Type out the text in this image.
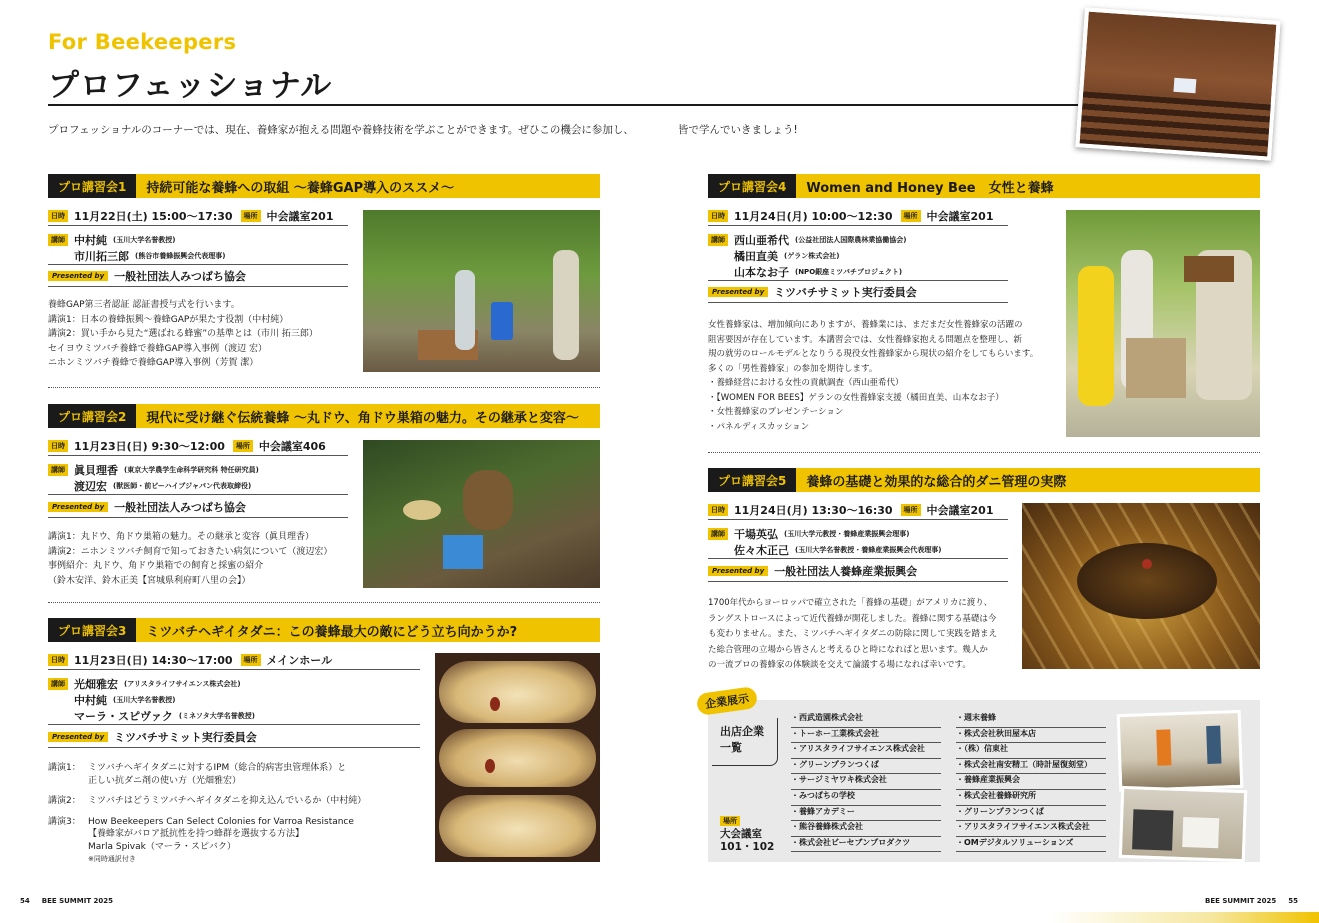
For Beekeepers
プロフェッショナル
プロフェッショナルのコーナーでは、現在、養蜂家が抱える問題や養蜂技術を学ぶことができます。ぜひこの機会に参加し、	皆で学んでいきましょう!
プロ講習会1	持続可能な養蜂への取組 ～養蜂GAP導入のススメ～
日時 11月22日(土) 15:00～17:30	場所 中会議室201
講師 中村純 (玉川大学名誉教授)
市川拓三郎 (熊谷市養蜂振興会代表理事)
Presented by 一般社団法人みつばち協会
養蜂GAP第三者認証 認証書授与式を行います。
講演1：日本の養蜂振興～養蜂GAPが果たす役割（中村純）
講演2：買い手から見た“選ばれる蜂蜜”の基準とは（市川 拓三郎）
セイヨウミツバチ養蜂で養蜂GAP導入事例（渡辺 宏）
ニホンミツバチ養蜂で養蜂GAP導入事例（芳賀 潔）
プロ講習会2	現代に受け継ぐ伝統養蜂 ～丸ドウ、角ドウ巣箱の魅力。その継承と変容～
日時 11月23日(日) 9:30～12:00	場所 中会議室406
講師 眞貝理香 (東京大学農学生命科学研究科 特任研究員)
渡辺宏 (獣医師・前ビーハイブジャパン代表取締役)
Presented by 一般社団法人みつばち協会
講演1：丸ドウ、角ドウ巣箱の魅力。その継承と変容（眞貝理香）
講演2：ニホンミツバチ飼育で知っておきたい病気について（渡辺宏）
事例紹介：丸ドウ、角ドウ巣箱での飼育と採蜜の紹介
（鈴木安洋、鈴木正美【宮城県利府町八里の会】）
プロ講習会3	ミツバチヘギイタダニ：この養蜂最大の敵にどう立ち向かうか?
日時 11月23日(日) 14:30～17:00	場所 メインホール
講師 光畑雅宏 (アリスタライフサイエンス株式会社)
中村純 (玉川大学名誉教授)
マーラ・スピヴァク (ミネソタ大学名誉教授)
Presented by ミツバチサミット実行委員会
講演1： ミツバチヘギイタダニに対するIPM（総合的病害虫管理体系）と
正しい抗ダニ剤の使い方（光畑雅宏）
講演2： ミツバチはどうミツバチヘギイタダニを抑え込んでいるか（中村純）
講演3： How Beekeepers Can Select Colonies for Varroa Resistance
【養蜂家がバロア抵抗性を持つ蜂群を選抜する方法】
Marla Spivak（マーラ・スピバク）
※同時通訳付き
プロ講習会4	Women and Honey Bee　女性と養蜂
日時 11月24日(月) 10:00～12:30	場所 中会議室201
講師 西山亜希代 (公益社団法人国際農林業協働協会)
橘田直美 (ゲラン株式会社)
山本なお子 (NPO銀座ミツバチプロジェクト)
Presented by ミツバチサミット実行委員会
女性養蜂家は、増加傾向にありますが、養蜂業には、まだまだ女性養蜂家の活躍の
阻害要因が存在しています。本講習会では、女性養蜂家抱える問題点を整理し、新
規の就労のロールモデルとなりうる現役女性養蜂家から現状の紹介をしてもらいます。
多くの「男性養蜂家」の参加を期待します。
・養蜂経営における女性の貢献調査（西山亜希代）
・【WOMEN FOR BEES】ゲランの女性養蜂家支援（橘田直美、山本なお子）
・女性養蜂家のプレゼンテーション
・パネルディスカッション
プロ講習会5	養蜂の基礎と効果的な総合的ダニ管理の実際
日時 11月24日(月) 13:30～16:30	場所 中会議室201
講師 干場英弘 (玉川大学元教授・養蜂産業振興会理事)
佐々木正己 (玉川大学名誉教授・養蜂産業振興会代表理事)
Presented by 一般社団法人養蜂産業振興会
1700年代からヨーロッパで確立された「養蜂の基礎」がアメリカに渡り、
ラングストロースによって近代養蜂が開花しました。養蜂に関する基礎は今
も変わりません。また、ミツバチヘギイタダニの防除に関して実践を踏まえ
た総合管理の立場から皆さんと考えるひと時になればと思います。幾人か
の一流プロの養蜂家の体験談を交えて論議する場になれば幸いです。
企業展示
出店企業
一覧
場所
大会議室
101・102
・西武造園株式会社
・トーホー工業株式会社
・アリスタライフサイエンス株式会社
・グリーンプランつくば
・サージミヤワキ株式会社
・みつばちの学校
・養蜂アカデミー
・熊谷養蜂株式会社
・株式会社ビーセブンプロダクツ
・週末養蜂
・株式会社秋田屋本店
・（株）信東社
・株式会社南安精工（時計屋復刻堂）
・養蜂産業振興会
・株式会社養蜂研究所
・グリーンプランつくば
・アリスタライフサイエンス株式会社
・OMデジタルソリューションズ
54 BEE SUMMIT 2025	BEE SUMMIT 2025 55
